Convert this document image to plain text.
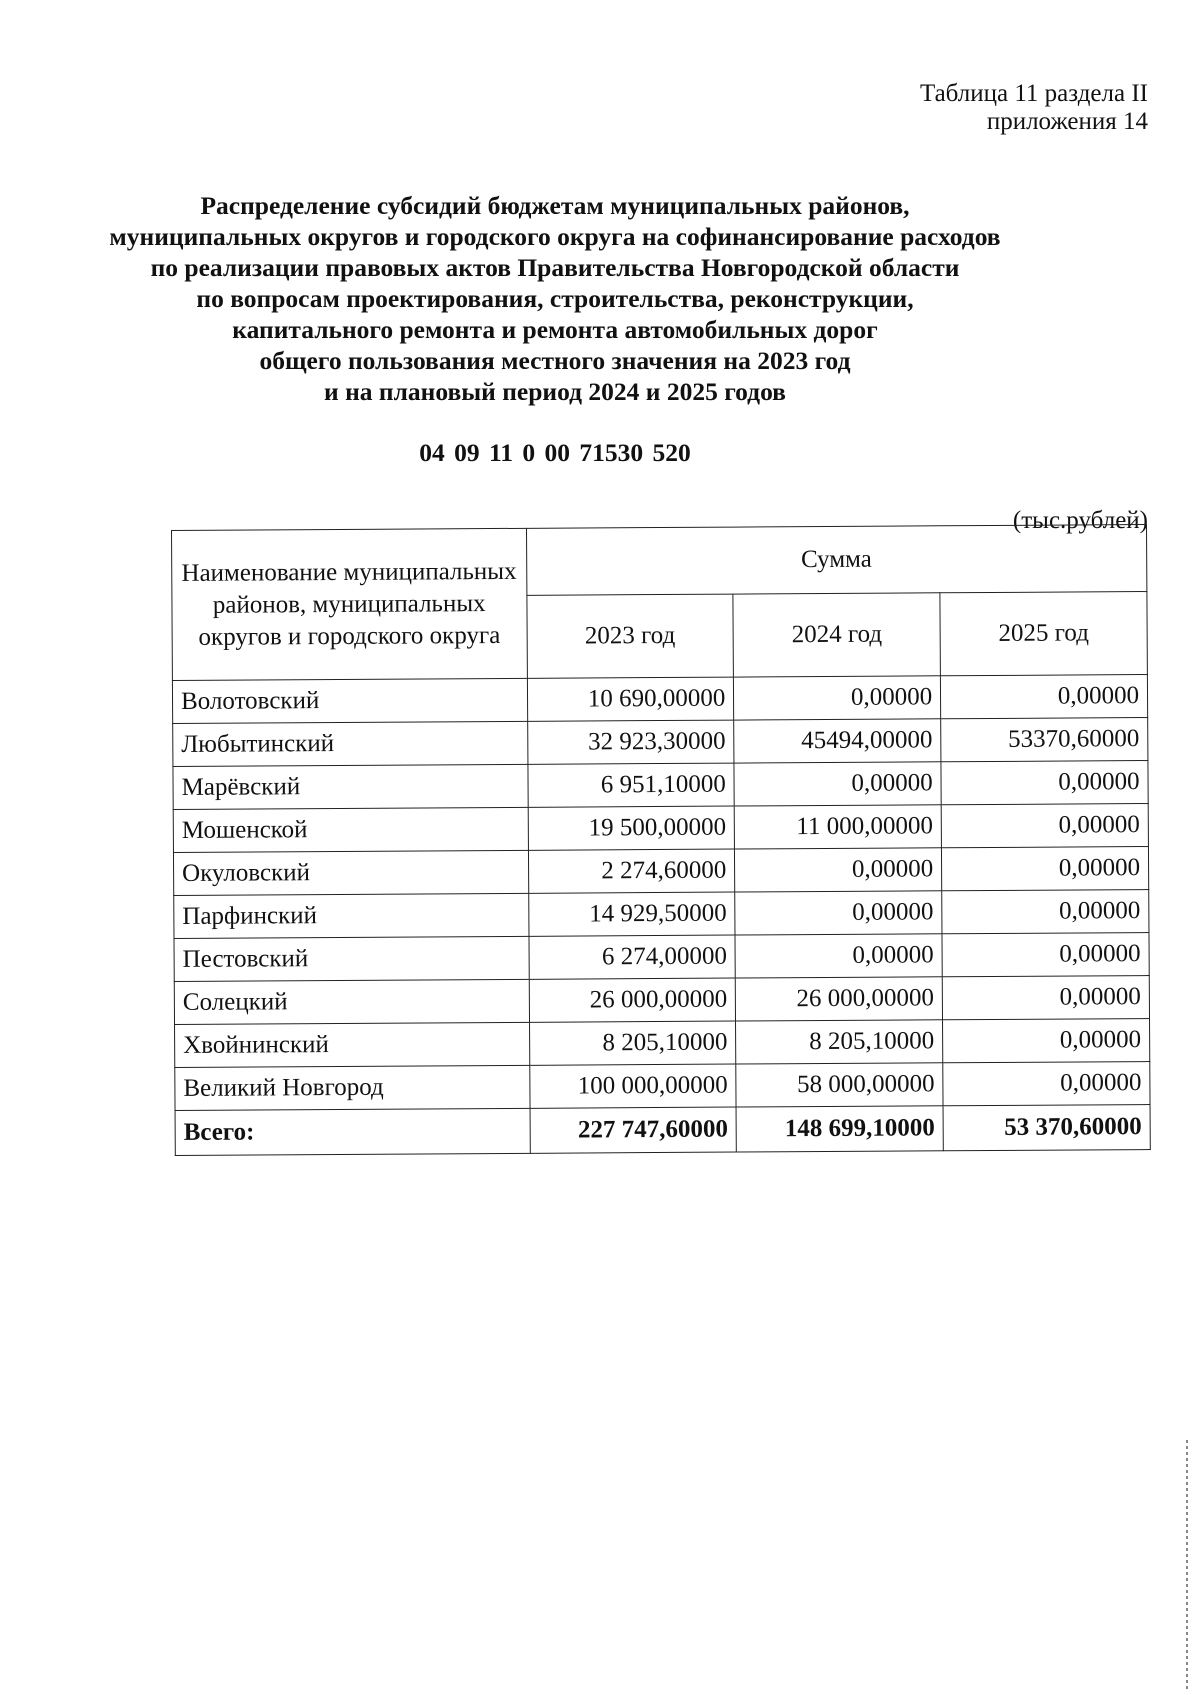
Таблица 11 раздела II
приложения 14
Распределение субсидий бюджетам муниципальных районов,
муниципальных округов и городского округа на софинансирование расходов
по реализации правовых актов Правительства Новгородской области
по вопросам проектирования, строительства, реконструкции,
капитального ремонта и ремонта автомобильных дорог
общего пользования местного значения на 2023 год
и на плановый период 2024 и 2025 годов
04 09 11 0 00 71530 520
(тыс.рублей)
Наименование муниципальных районов, муниципальных округов и городского округа	Сумма		
	2023 год	2024 год	2025 год
Волотовский	10 690,00000	0,00000	0,00000
Любытинский	32 923,30000	45494,00000	53370,60000
Марёвский	6 951,10000	0,00000	0,00000
Мошенской	19 500,00000	11 000,00000	0,00000
Окуловский	2 274,60000	0,00000	0,00000
Парфинский	14 929,50000	0,00000	0,00000
Пестовский	6 274,00000	0,00000	0,00000
Солецкий	26 000,00000	26 000,00000	0,00000
Хвойнинский	8 205,10000	8 205,10000	0,00000
Великий Новгород	100 000,00000	58 000,00000	0,00000
Всего:	227 747,60000	148 699,10000	53 370,60000
